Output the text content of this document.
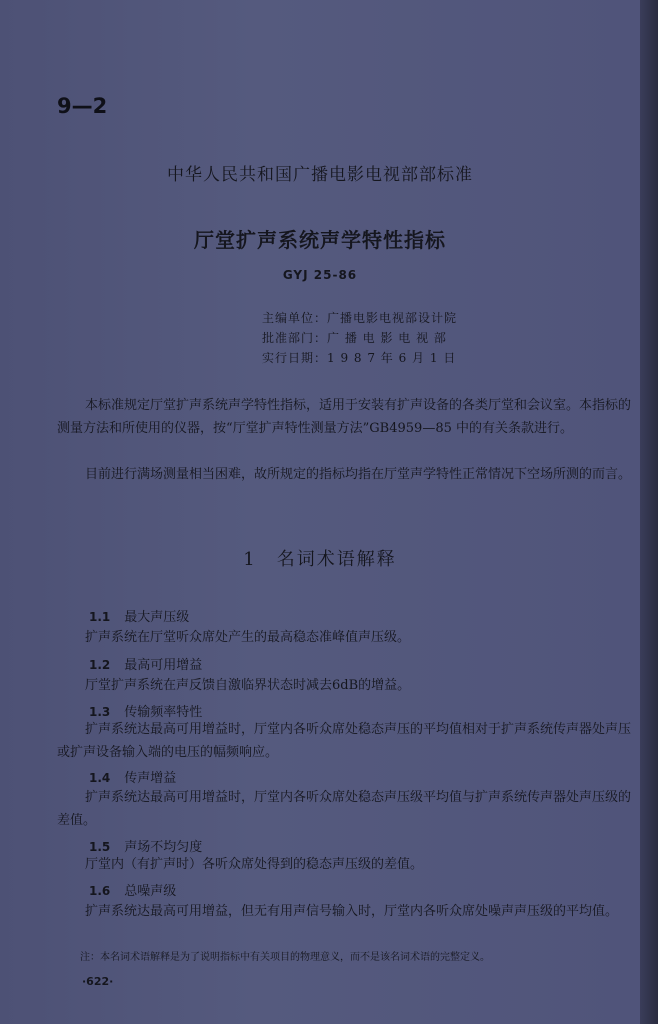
9—2
中华人民共和国广播电影电视部部标准
厅堂扩声系统声学特性指标
GYJ 25-86
主编单位：广播电影电视部设计院
批准部门：广 播 电 影 电 视 部
实行日期：1 9 8 7 年 6 月 1 日
本标准规定厅堂扩声系统声学特性指标，适用于安装有扩声设备的各类厅堂和会议室。本指标的测量方法和所使用的仪器，按“厅堂扩声特性测量方法”GB4959—85 中的有关条款进行。
目前进行满场测量相当困难，故所规定的指标均指在厅堂声学特性正常情况下空场所测的而言。
1　名词术语解释
1.1 最大声压级
扩声系统在厅堂听众席处产生的最高稳态准峰值声压级。
1.2 最高可用增益
厅堂扩声系统在声反馈自激临界状态时减去6dB的增益。
1.3 传输频率特性
扩声系统达最高可用增益时，厅堂内各听众席处稳态声压的平均值相对于扩声系统传声器处声压或扩声设备输入端的电压的幅频响应。
1.4 传声增益
扩声系统达最高可用增益时，厅堂内各听众席处稳态声压级平均值与扩声系统传声器处声压级的差值。
1.5 声场不均匀度
厅堂内（有扩声时）各听众席处得到的稳态声压级的差值。
1.6 总噪声级
扩声系统达最高可用增益，但无有用声信号输入时，厅堂内各听众席处噪声声压级的平均值。
注：本名词术语解释是为了说明指标中有关项目的物理意义，而不是该名词术语的完整定义。
·622·
